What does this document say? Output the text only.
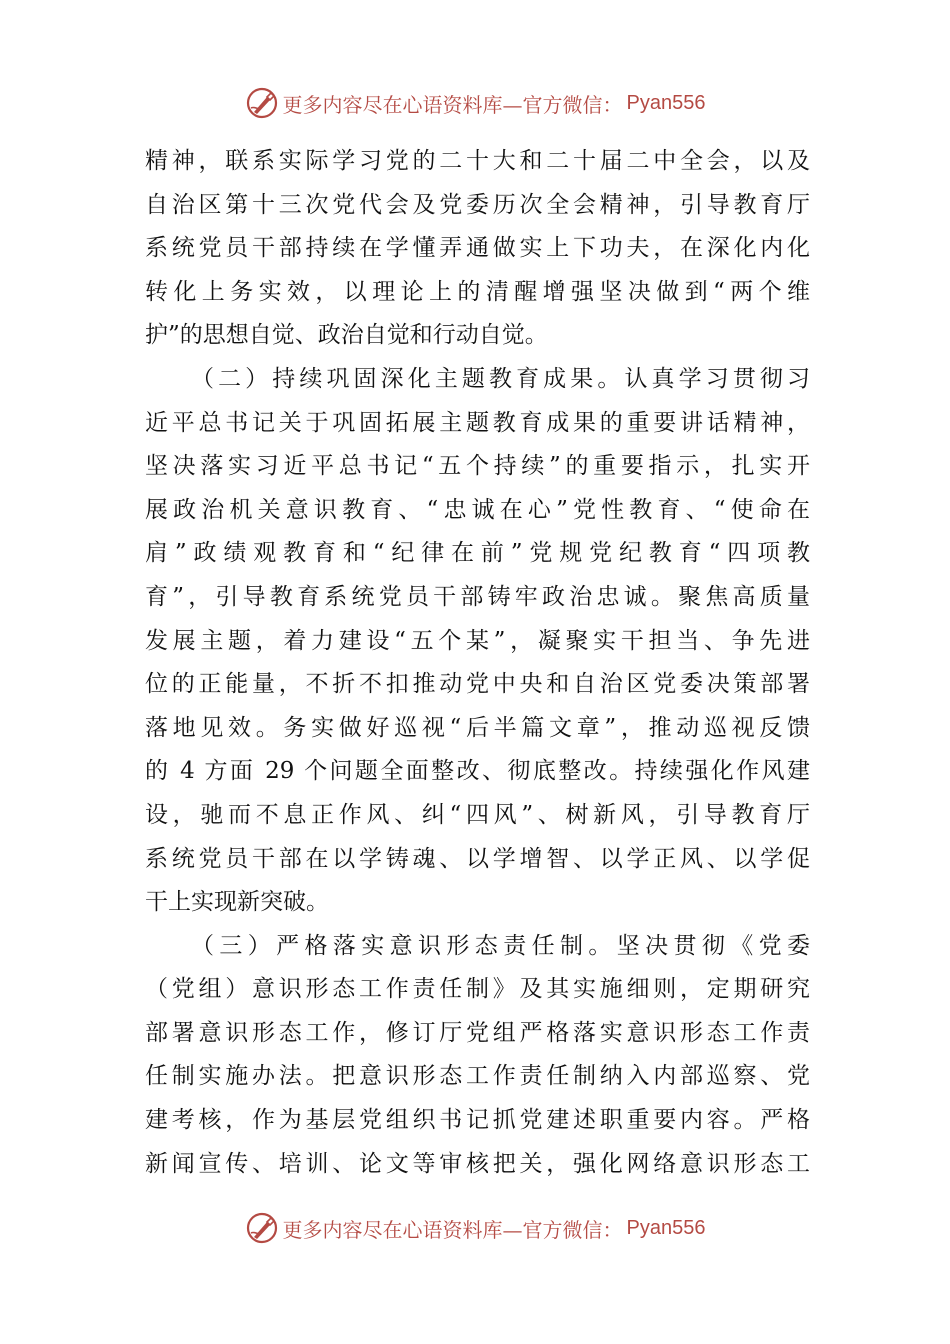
更多内容尽在心语资料库—官方微信： Pyan556
精神，联系实际学习党的二十大和二十届二中全会，以及
自治区第十三次党代会及党委历次全会精神，引导教育厅
系统党员干部持续在学懂弄通做实上下功夫，在深化内化
转化上务实效，以理论上的清醒增强坚决做到“两个维
护”的思想自觉、政治自觉和行动自觉。
（二）持续巩固深化主题教育成果。认真学习贯彻习
近平总书记关于巩固拓展主题教育成果的重要讲话精神，
坚决落实习近平总书记“五个持续”的重要指示，扎实开
展政治机关意识教育、“忠诚在心”党性教育、“使命在
肩”政绩观教育和“纪律在前”党规党纪教育“四项教
育”，引导教育系统党员干部铸牢政治忠诚。聚焦高质量
发展主题，着力建设“五个某”，凝聚实干担当、争先进
位的正能量，不折不扣推动党中央和自治区党委决策部署
落地见效。务实做好巡视“后半篇文章”，推动巡视反馈
的 4 方面 29 个问题全面整改、彻底整改。持续强化作风建
设，驰而不息正作风、纠“四风”、树新风，引导教育厅
系统党员干部在以学铸魂、以学增智、以学正风、以学促
干上实现新突破。
（三）严格落实意识形态责任制。坚决贯彻《党委
（党组）意识形态工作责任制》及其实施细则，定期研究
部署意识形态工作，修订厅党组严格落实意识形态工作责
任制实施办法。把意识形态工作责任制纳入内部巡察、党
建考核，作为基层党组织书记抓党建述职重要内容。严格
新闻宣传、培训、论文等审核把关，强化网络意识形态工
更多内容尽在心语资料库—官方微信： Pyan556
